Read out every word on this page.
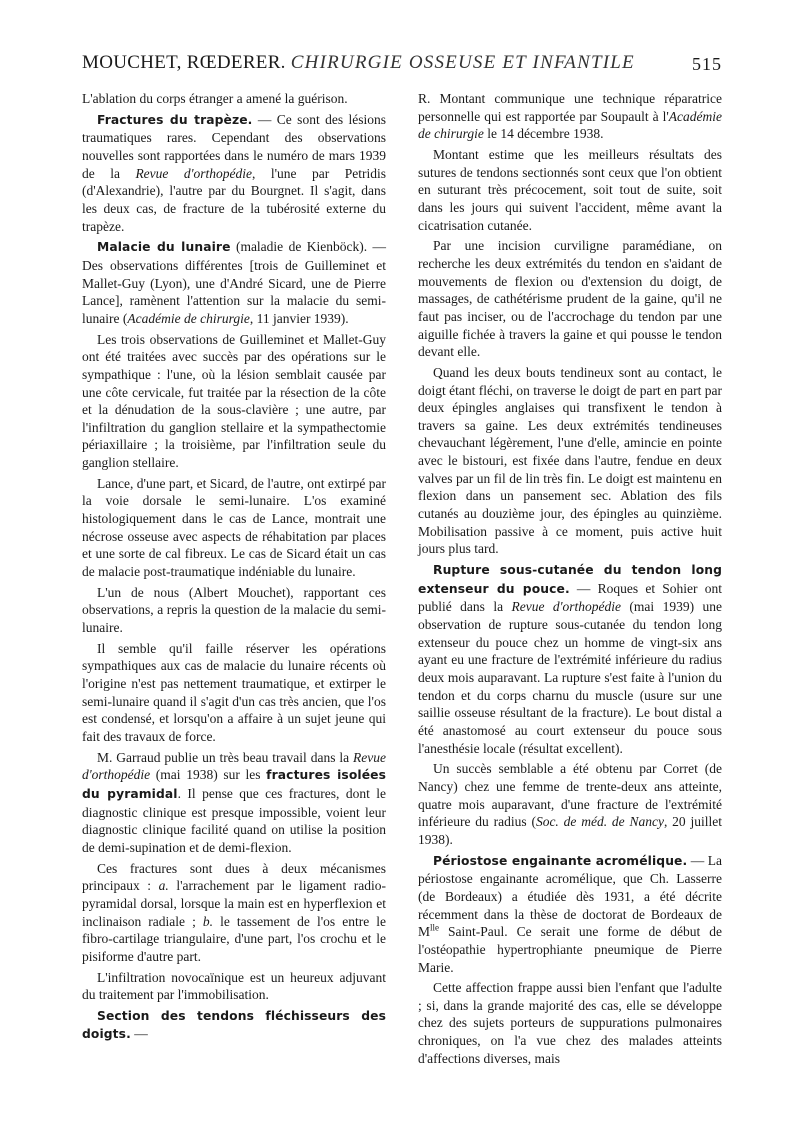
MOUCHET, RŒDERER. CHIRURGIE OSSEUSE ET INFANTILE	515

L'ablation du corps étranger a amené la guérison.

Fractures du trapèze. — Ce sont des lésions traumatiques rares. Cependant des observations nouvelles sont rapportées dans le numéro de mars 1939 de la Revue d'orthopédie, l'une par Petridis (d'Alexandrie), l'autre par du Bourgnet. Il s'agit, dans les deux cas, de fracture de la tubérosité externe du trapèze.

Malacie du lunaire (maladie de Kienböck). — Des observations différentes [trois de Guilleminet et Mallet-Guy (Lyon), une d'André Sicard, une de Pierre Lance], ramènent l'attention sur la malacie du semi-lunaire (Académie de chirurgie, 11 janvier 1939).

Les trois observations de Guilleminet et Mallet-Guy ont été traitées avec succès par des opérations sur le sympathique : l'une, où la lésion semblait causée par une côte cervicale, fut traitée par la résection de la côte et la dénudation de la sous-clavière ; une autre, par l'infiltration du ganglion stellaire et la sympathectomie périaxillaire ; la troisième, par l'infiltration seule du ganglion stellaire.

Lance, d'une part, et Sicard, de l'autre, ont extirpé par la voie dorsale le semi-lunaire. L'os examiné histologiquement dans le cas de Lance, montrait une nécrose osseuse avec aspects de réhabitation par places et une sorte de cal fibreux. Le cas de Sicard était un cas de malacie post-traumatique indéniable du lunaire.

L'un de nous (Albert Mouchet), rapportant ces observations, a repris la question de la malacie du semi-lunaire.

Il semble qu'il faille réserver les opérations sympathiques aux cas de malacie du lunaire récents où l'origine n'est pas nettement traumatique, et extirper le semi-lunaire quand il s'agit d'un cas très ancien, que l'os est condensé, et lorsqu'on a affaire à un sujet jeune qui fait des travaux de force.

M. Garraud publie un très beau travail dans la Revue d'orthopédie (mai 1938) sur les fractures isolées du pyramidal. Il pense que ces fractures, dont le diagnostic clinique est presque impossible, voient leur diagnostic clinique facilité quand on utilise la position de demi-supination et de demi-flexion.

Ces fractures sont dues à deux mécanismes principaux : a. l'arrachement par le ligament radio-pyramidal dorsal, lorsque la main est en hyperflexion et inclinaison radiale ; b. le tassement de l'os entre le fibro-cartilage triangulaire, d'une part, l'os crochu et le pisiforme d'autre part.

L'infiltration novocaïnique est un heureux adjuvant du traitement par l'immobilisation.

Section des tendons fléchisseurs des doigts. —

R. Montant communique une technique réparatrice personnelle qui est rapportée par Soupault à l'Académie de chirurgie le 14 décembre 1938.

Montant estime que les meilleurs résultats des sutures de tendons sectionnés sont ceux que l'on obtient en suturant très précocement, soit tout de suite, soit dans les jours qui suivent l'accident, même avant la cicatrisation cutanée.

Par une incision curviligne paramédiane, on recherche les deux extrémités du tendon en s'aidant de mouvements de flexion ou d'extension du doigt, de massages, de cathétérisme prudent de la gaine, qu'il ne faut pas inciser, ou de l'accrochage du tendon par une aiguille fichée à travers la gaine et qui pousse le tendon devant elle.

Quand les deux bouts tendineux sont au contact, le doigt étant fléchi, on traverse le doigt de part en part par deux épingles anglaises qui transfixent le tendon à travers sa gaine. Les deux extrémités tendineuses chevauchant légèrement, l'une d'elle, amincie en pointe avec le bistouri, est fixée dans l'autre, fendue en deux valves par un fil de lin très fin. Le doigt est maintenu en flexion dans un pansement sec. Ablation des fils cutanés au douzième jour, des épingles au quinzième. Mobilisation passive à ce moment, puis active huit jours plus tard.

Rupture sous-cutanée du tendon long extenseur du pouce. — Roques et Sohier ont publié dans la Revue d'orthopédie (mai 1939) une observation de rupture sous-cutanée du tendon long extenseur du pouce chez un homme de vingt-six ans ayant eu une fracture de l'extrémité inférieure du radius deux mois auparavant. La rupture s'est faite à l'union du tendon et du corps charnu du muscle (usure sur une saillie osseuse résultant de la fracture). Le bout distal a été anastomosé au court extenseur du pouce sous l'anesthésie locale (résultat excellent).

Un succès semblable a été obtenu par Corret (de Nancy) chez une femme de trente-deux ans atteinte, quatre mois auparavant, d'une fracture de l'extrémité inférieure du radius (Soc. de méd. de Nancy, 20 juillet 1938).

Périostose engainante acromélique. — La périostose engainante acromélique, que Ch. Lasserre (de Bordeaux) a étudiée dès 1931, a été décrite récemment dans la thèse de doctorat de Bordeaux de $M^{lle}$ Saint-Paul. Ce serait une forme de début de l'ostéopathie hypertrophiante pneumique de Pierre Marie.

Cette affection frappe aussi bien l'enfant que l'adulte ; si, dans la grande majorité des cas, elle se développe chez des sujets porteurs de suppurations pulmonaires chroniques, on l'a vue chez des malades atteints d'affections diverses, mais
